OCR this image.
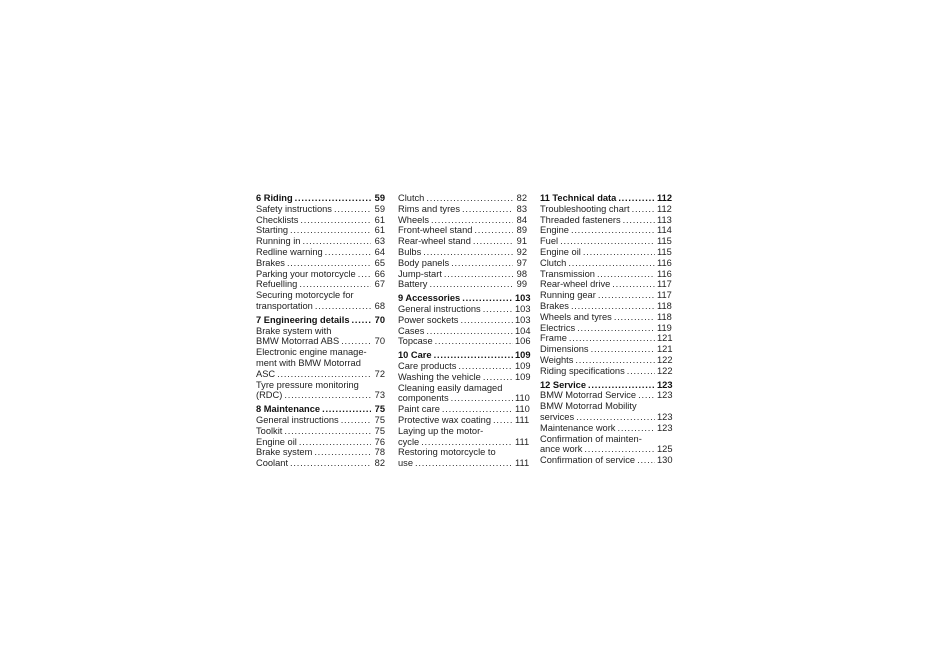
6 Riding . . .	59
Safety instructions . . .	59
Checklists . . .	61
Starting . . .	61
Running in . . .	63
Redline warning . . .	64
Brakes . . .	65
Parking your motorcycle . . . 66
Refuelling . . .	67
Securing motorcycle for
transportation . . .	68
7 Engineering details . . .	70
Brake system with
BMW Motorrad ABS . . .	70
Electronic engine manage-
ment with BMW Motorrad
ASC . . .	72
Tyre pressure monitoring
(RDC) . . .	73
8 Maintenance . . .	75
General instructions . . .	75
Toolkit . . .	75
Engine oil . . .	76
Brake system . . .	78
Coolant . . .	82
Clutch . . .	82
Rims and tyres . . .	83
Wheels . . .	84
Front-wheel stand . . .	89
Rear-wheel stand . . .	91
Bulbs . . .	92
Body panels . . .	97
Jump-start . . .	98
Battery . . .	99
9 Accessories . . .	103
General instructions . . .	103
Power sockets . . .	103
Cases . . .	104
Topcase . . .	106
10 Care . . .	109
Care products . . .	109
Washing the vehicle . . .	109
Cleaning easily damaged
components . . .	110
Paint care . . .	110
Protective wax coating . . .	111
Laying up the motor-
cycle . . .	111
Restoring motorcycle to
use . . .	111
11 Technical data . . .	112
Troubleshooting chart . . .	112
Threaded fasteners . . .	113
Engine . . .	114
Fuel . . .	115
Engine oil . . .	115
Clutch . . .	116
Transmission . . .	116
Rear-wheel drive . . .	117
Running gear . . .	117
Brakes . . .	118
Wheels and tyres . . .	118
Electrics . . .	119
Frame . . .	121
Dimensions . . .	121
Weights . . .	122
Riding specifications . . .	122
12 Service . . .	123
BMW Motorrad Service . . . 123
BMW Motorrad Mobility
services . . .	123
Maintenance work . . .	123
Confirmation of mainten-
ance work . . .	125
Confirmation of service . . . 130
